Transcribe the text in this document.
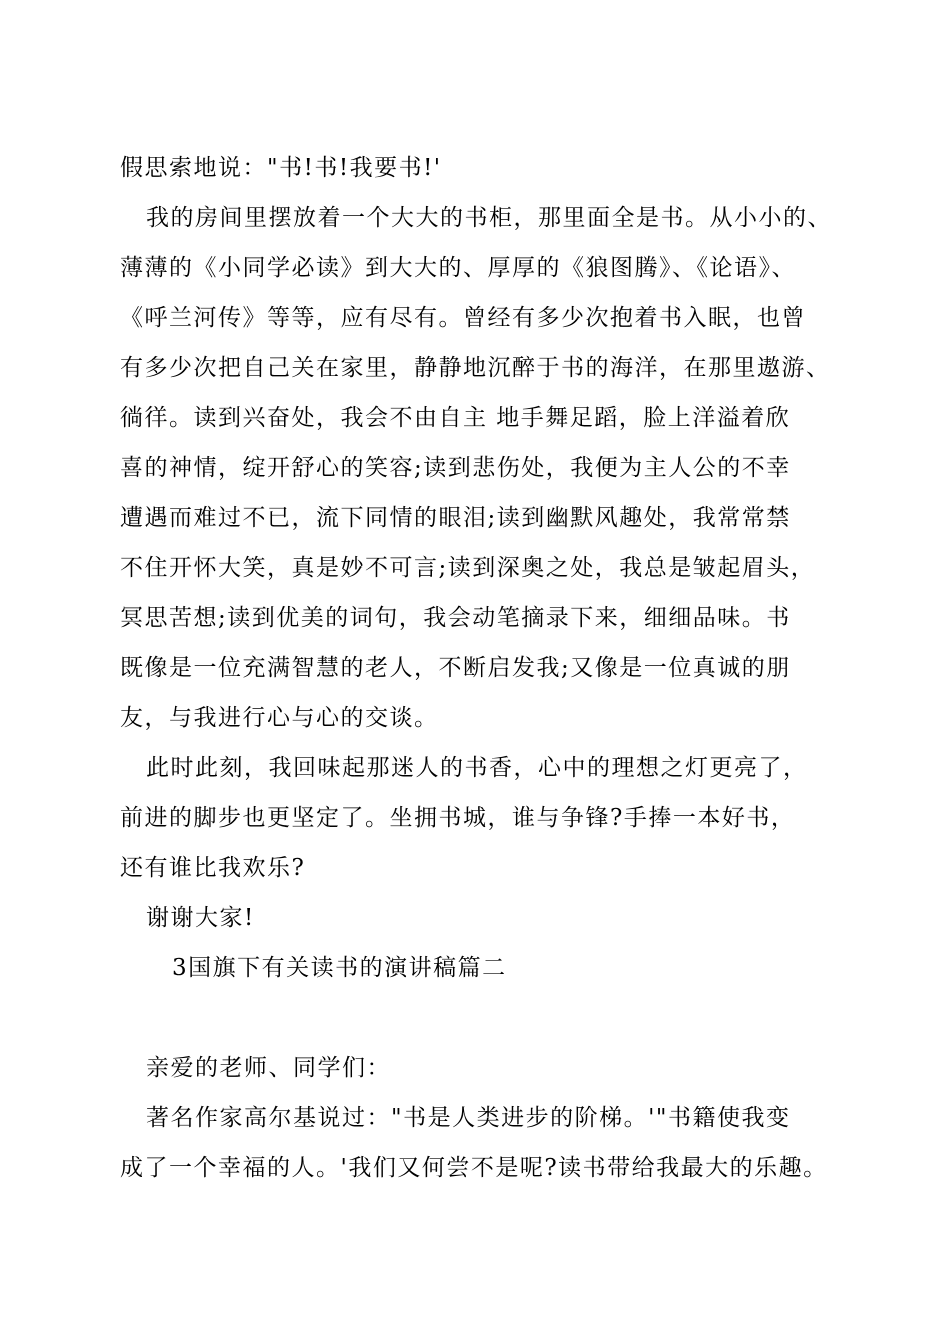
假思索地说："书!书!我要书!'
我的房间里摆放着一个大大的书柜，那里面全是书。从小小的、
薄薄的《小同学必读》到大大的、厚厚的《狼图腾》、《论语》、
《呼兰河传》等等，应有尽有。曾经有多少次抱着书入眠，也曾
有多少次把自己关在家里，静静地沉醉于书的海洋，在那里遨游、
徜徉。读到兴奋处，我会不由自主 地手舞足蹈，脸上洋溢着欣
喜的神情，绽开舒心的笑容;读到悲伤处，我便为主人公的不幸
遭遇而难过不已，流下同情的眼泪;读到幽默风趣处，我常常禁
不住开怀大笑，真是妙不可言;读到深奥之处，我总是皱起眉头，
冥思苦想;读到优美的词句，我会动笔摘录下来，细细品味。书
既像是一位充满智慧的老人，不断启发我;又像是一位真诚的朋
友，与我进行心与心的交谈。
此时此刻，我回味起那迷人的书香，心中的理想之灯更亮了，
前进的脚步也更坚定了。坐拥书城，谁与争锋?手捧一本好书，
还有谁比我欢乐?
谢谢大家!
3国旗下有关读书的演讲稿篇二
亲爱的老师、同学们：
著名作家高尔基说过："书是人类进步的阶梯。'"书籍使我变
成了一个幸福的人。'我们又何尝不是呢?读书带给我最大的乐趣。
